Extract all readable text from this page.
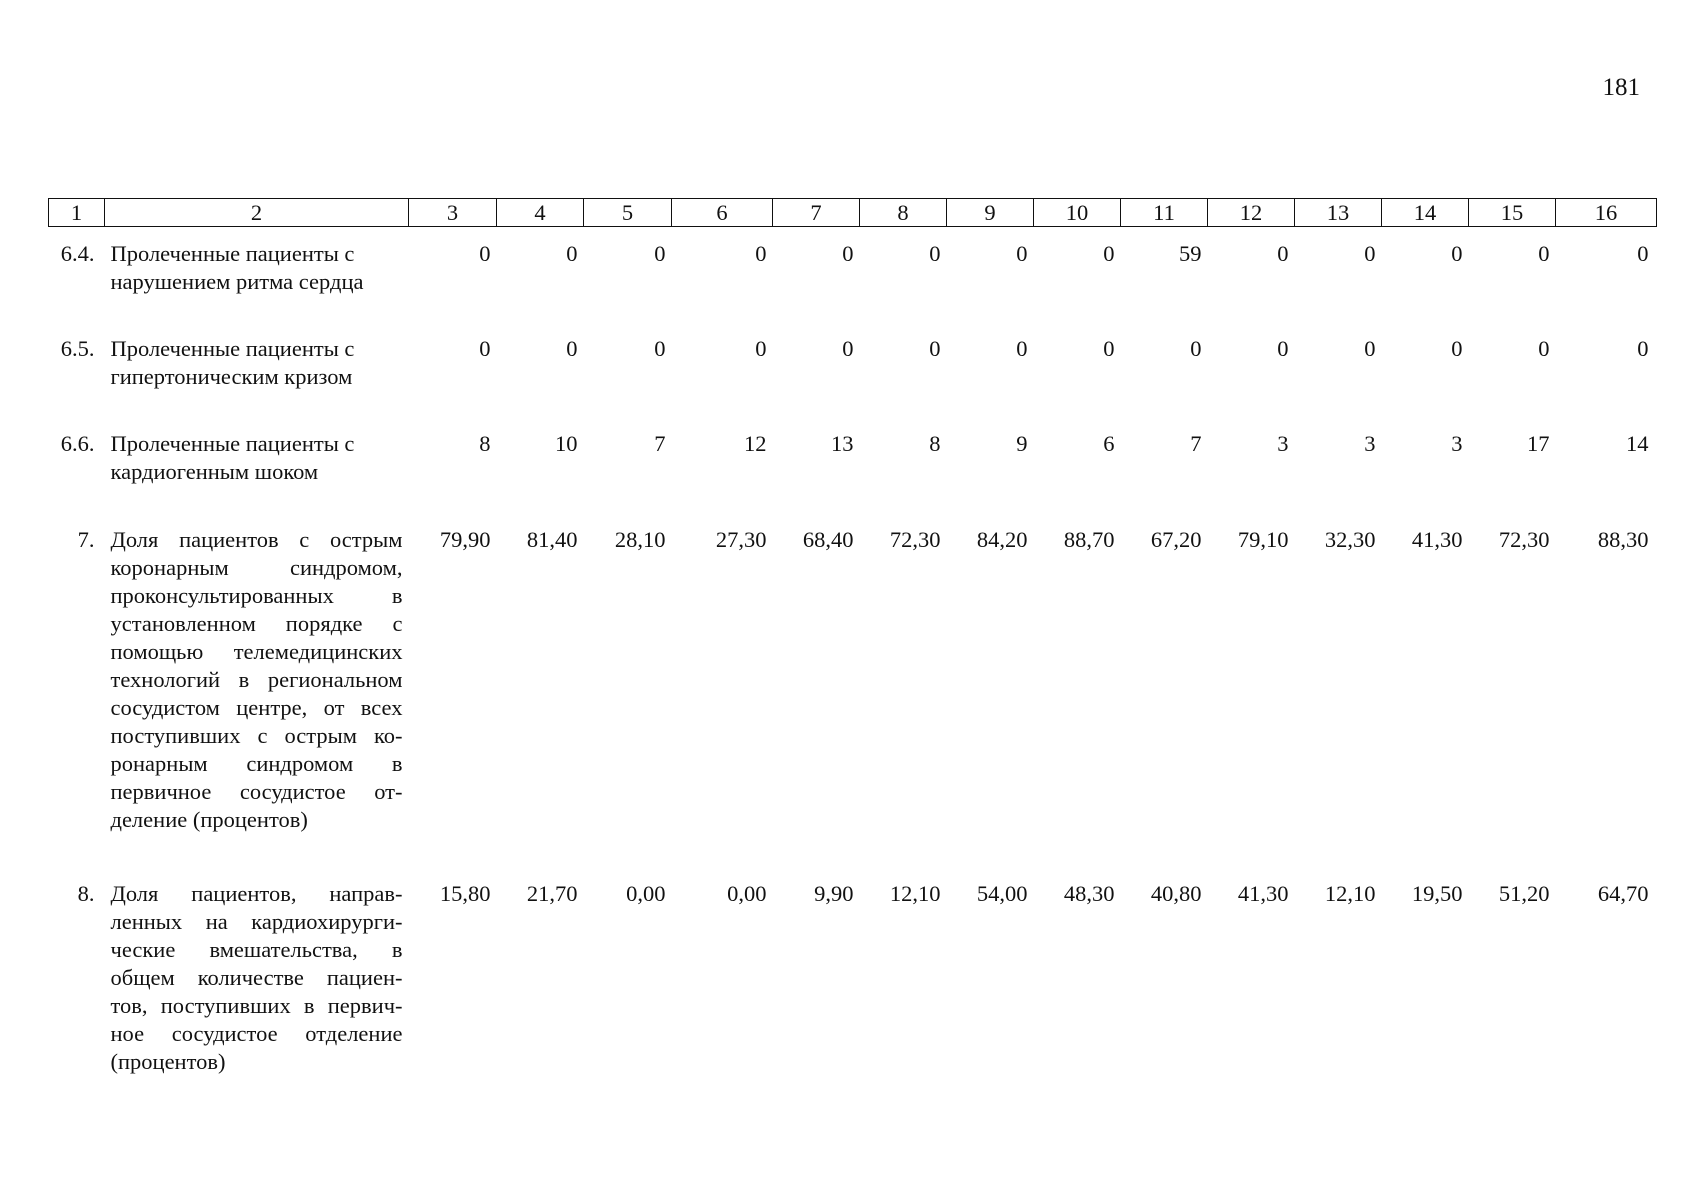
181
1	2	3	4	5	6	7	8	9	10	11	12	13	14	15	16
6.4.	Пролеченные пациенты с нарушением ритма сердца	0	0	0	0	0	0	0	0	59	0	0	0	0	0
6.5.	Пролеченные пациенты с гипертоническим кризом	0	0	0	0	0	0	0	0	0	0	0	0	0	0
6.6.	Пролеченные пациенты с кардиогенным шоком	8	10	7	12	13	8	9	6	7	3	3	3	17	14
7.	Доля пациентов с острым коронарным синдромом, проконсультированных в установленном порядке с помощью телемедицинских технологий в региональном сосудистом центре, от всех поступивших с острым ко-ронарным синдромом в первичное сосудистое от-деление (процентов)	79,90	81,40	28,10	27,30	68,40	72,30	84,20	88,70	67,20	79,10	32,30	41,30	72,30	88,30
8.	Доля пациентов, направ-ленных на кардиохирурги-ческие вмешательства, в общем количестве пациен-тов, поступивших в первич-ное сосудистое отделение (процентов)	15,80	21,70	0,00	0,00	9,90	12,10	54,00	48,30	40,80	41,30	12,10	19,50	51,20	64,70
